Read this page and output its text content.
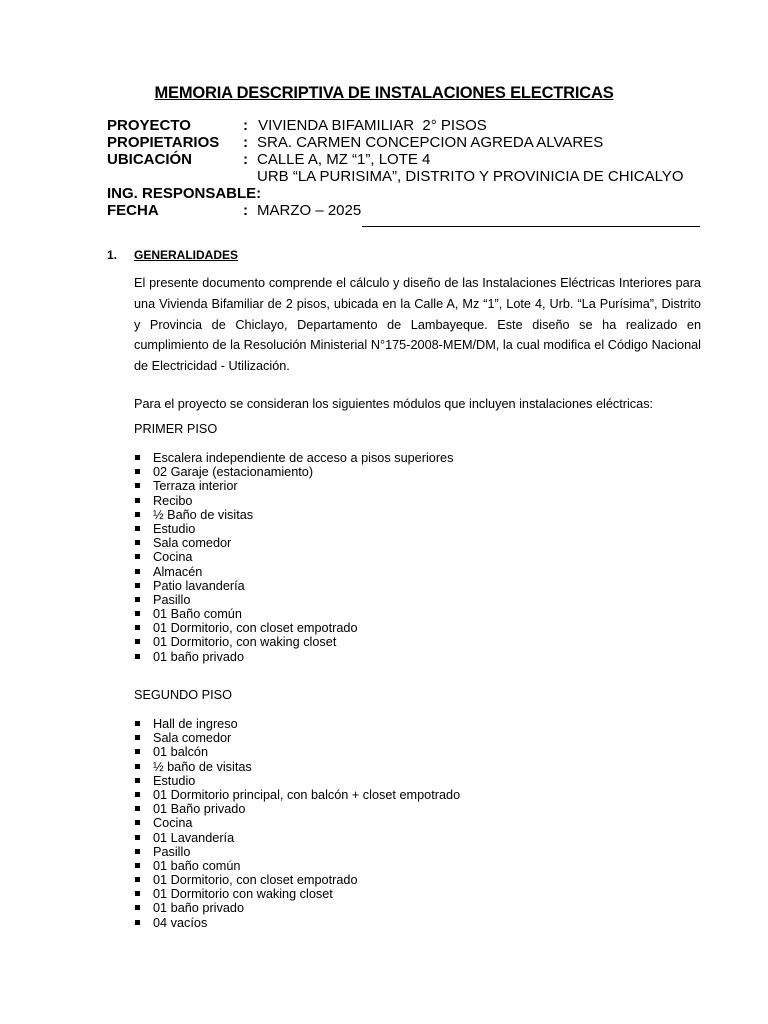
MEMORIA DESCRIPTIVA DE INSTALACIONES ELECTRICAS
PROYECTO	: VIVIENDA BIFAMILIAR  2° PISOS
PROPIETARIOS : SRA. CARMEN CONCEPCION AGREDA ALVARES
UBICACIÓN	: CALLE A, MZ “1”, LOTE 4
URB “LA PURISIMA”, DISTRITO Y PROVINICIA DE CHICALYO
ING. RESPONSABLE:
FECHA	: MARZO – 2025
1. GENERALIDADES

El presente documento comprende el cálculo y diseño de las Instalaciones Eléctricas Interiores para una Vivienda Bifamiliar de 2 pisos, ubicada en la Calle A, Mz “1”, Lote 4, Urb. “La Purísima”, Distrito y Provincia de Chiclayo, Departamento de Lambayeque. Este diseño se ha realizado en cumplimiento de la Resolución Ministerial N°175-2008-MEM/DM, la cual modifica el Código Nacional de Electricidad - Utilización.

Para el proyecto se consideran los siguientes módulos que incluyen instalaciones eléctricas:

PRIMER PISO
Escalera independiente de acceso a pisos superiores
02 Garaje (estacionamiento)
Terraza interior
Recibo
½ Baño de visitas
Estudio
Sala comedor
Cocina
Almacén
Patio lavandería
Pasillo
01 Baño común
01 Dormitorio, con closet empotrado
01 Dormitorio, con waking closet
01 baño privado
SEGUNDO PISO
Hall de ingreso
Sala comedor
01 balcón
½ baño de visitas
Estudio
01 Dormitorio principal, con balcón + closet empotrado
01 Baño privado
Cocina
01 Lavandería
Pasillo
01 baño común
01 Dormitorio, con closet empotrado
01 Dormitorio con waking closet
01 baño privado
04 vacíos
